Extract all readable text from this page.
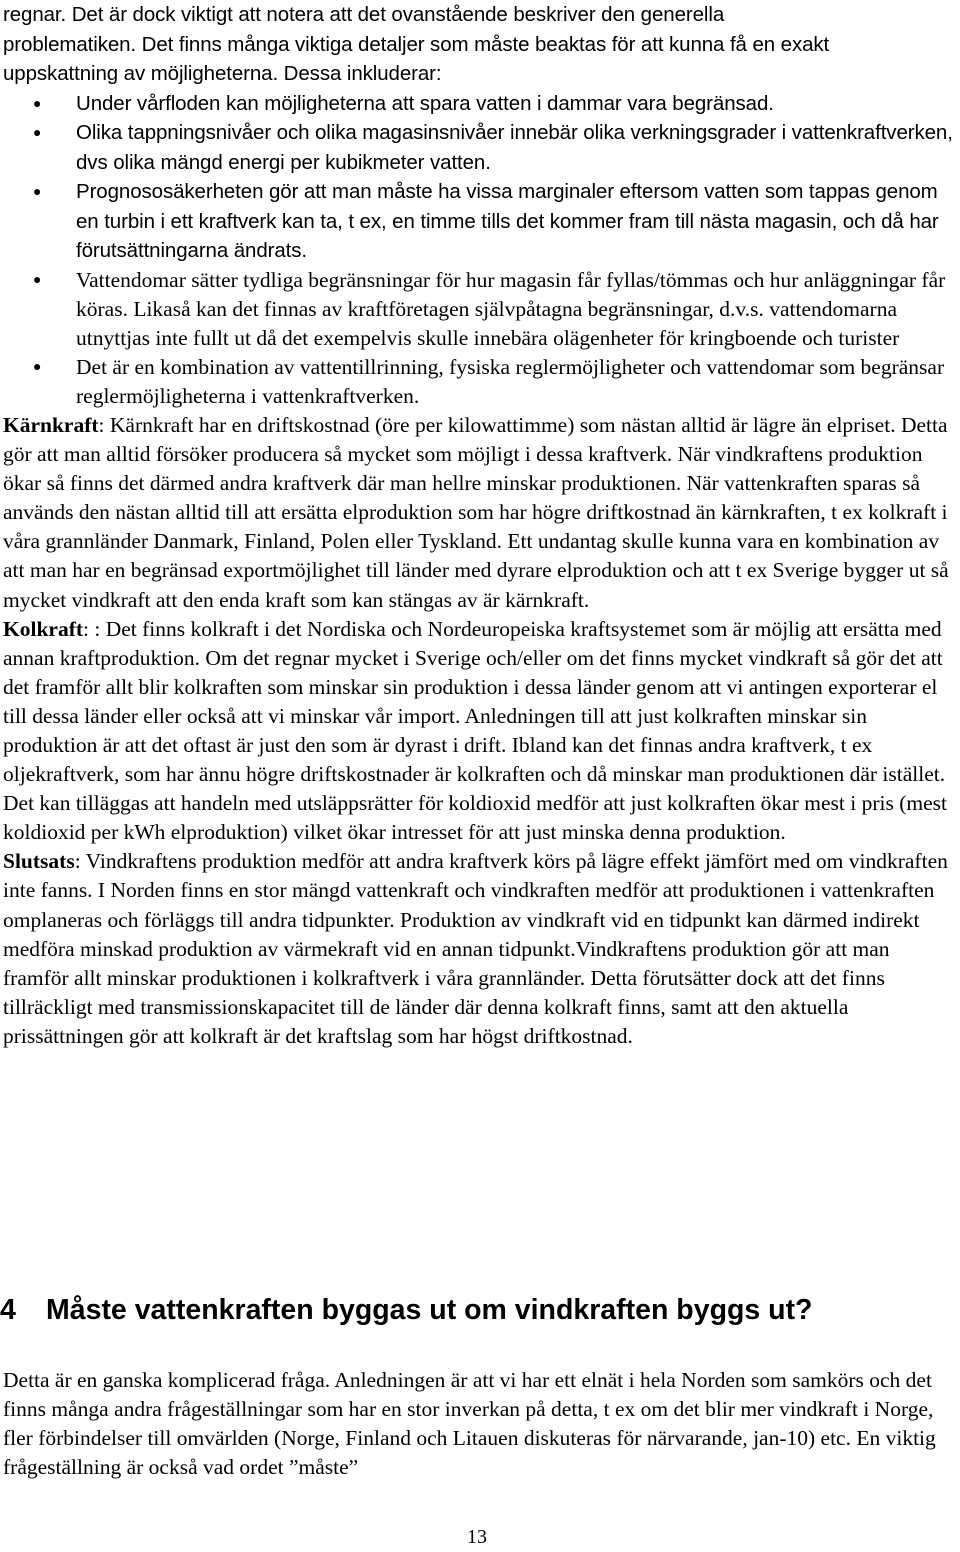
regnar. Det är dock viktigt att notera att det ovanstående beskriver den generella

problematiken. Det finns många viktiga detaljer som måste beaktas för att kunna få en exakt

uppskattning av möjligheterna. Dessa inkluderar:

● Under vårfloden kan möjligheterna att spara vatten i dammar vara begränsad.
● Olika tappningsnivåer och olika magasinsnivåer innebär olika verkningsgrader i vattenkraftverken, dvs olika mängd energi per kubikmeter vatten.
● Prognososäkerheten gör att man måste ha vissa marginaler eftersom vatten som tappas genom en turbin i ett kraftverk kan ta, t ex, en timme tills det kommer fram till nästa magasin, och då har förutsättningarna ändrats.
● Vattendomar sätter tydliga begränsningar för hur magasin får fyllas/tömmas och hur anläggningar får köras. Likaså kan det finnas av kraftföretagen självpåtagna begränsningar, d.v.s. vattendomarna utnyttjas inte fullt ut då det exempelvis skulle innebära olägenheter för kringboende och turister
● Det är en kombination av vattentillrinning, fysiska reglermöjligheter och vattendomar som begränsar reglermöjligheterna i vattenkraftverken.

Kärnkraft: Kärnkraft har en driftskostnad (öre per kilowattimme) som nästan alltid är lägre än elpriset. Detta gör att man alltid försöker producera så mycket som möjligt i dessa kraftverk. När vindkraftens produktion ökar så finns det därmed andra kraftverk där man hellre minskar produktionen. När vattenkraften sparas så används den nästan alltid till att ersätta elproduktion som har högre driftkostnad än kärnkraften, t ex kolkraft i våra grannländer Danmark, Finland, Polen eller Tyskland. Ett undantag skulle kunna vara en kombination av att man har en begränsad exportmöjlighet till länder med dyrare elproduktion och att t ex Sverige bygger ut så mycket vindkraft att den enda kraft som kan stängas av är kärnkraft.

Kolkraft: : Det finns kolkraft i det Nordiska och Nordeuropeiska kraftsystemet som är möjlig att ersätta med annan kraftproduktion. Om det regnar mycket i Sverige och/eller om det finns mycket vindkraft så gör det att det framför allt blir kolkraften som minskar sin produktion i dessa länder genom att vi antingen exporterar el till dessa länder eller också att vi minskar vår import. Anledningen till att just kolkraften minskar sin produktion är att det oftast är just den som är dyrast i drift. Ibland kan det finnas andra kraftverk, t ex oljekraftverk, som har ännu högre driftskostnader är kolkraften och då minskar man produktionen där istället. Det kan tilläggas att handeln med utsläppsrätter för koldioxid medför att just kolkraften ökar mest i pris (mest koldioxid per kWh elproduktion) vilket ökar intresset för att just minska denna produktion.

Slutsats: Vindkraftens produktion medför att andra kraftverk körs på lägre effekt jämfört med om vindkraften inte fanns. I Norden finns en stor mängd vattenkraft och vindkraften medför att produktionen i vattenkraften omplaneras och förläggs till andra tidpunkter. Produktion av vindkraft vid en tidpunkt kan därmed indirekt medföra minskad produktion av värmekraft vid en annan tidpunkt.Vindkraftens produktion gör att man framför allt minskar produktionen i kolkraftverk i våra grannländer. Detta förutsätter dock att det finns tillräckligt med transmissionskapacitet till de länder där denna kolkraft finns, samt att den aktuella prissättningen gör att kolkraft är det kraftslag som har högst driftkostnad.

4 Måste vattenkraften byggas ut om vindkraften byggs ut?

Detta är en ganska komplicerad fråga. Anledningen är att vi har ett elnät i hela Norden som samkörs och det finns många andra frågeställningar som har en stor inverkan på detta, t ex om det blir mer vindkraft i Norge, fler förbindelser till omvärlden (Norge, Finland och Litauen diskuteras för närvarande, jan-10) etc. En viktig frågeställning är också vad ordet ”måste”

13
